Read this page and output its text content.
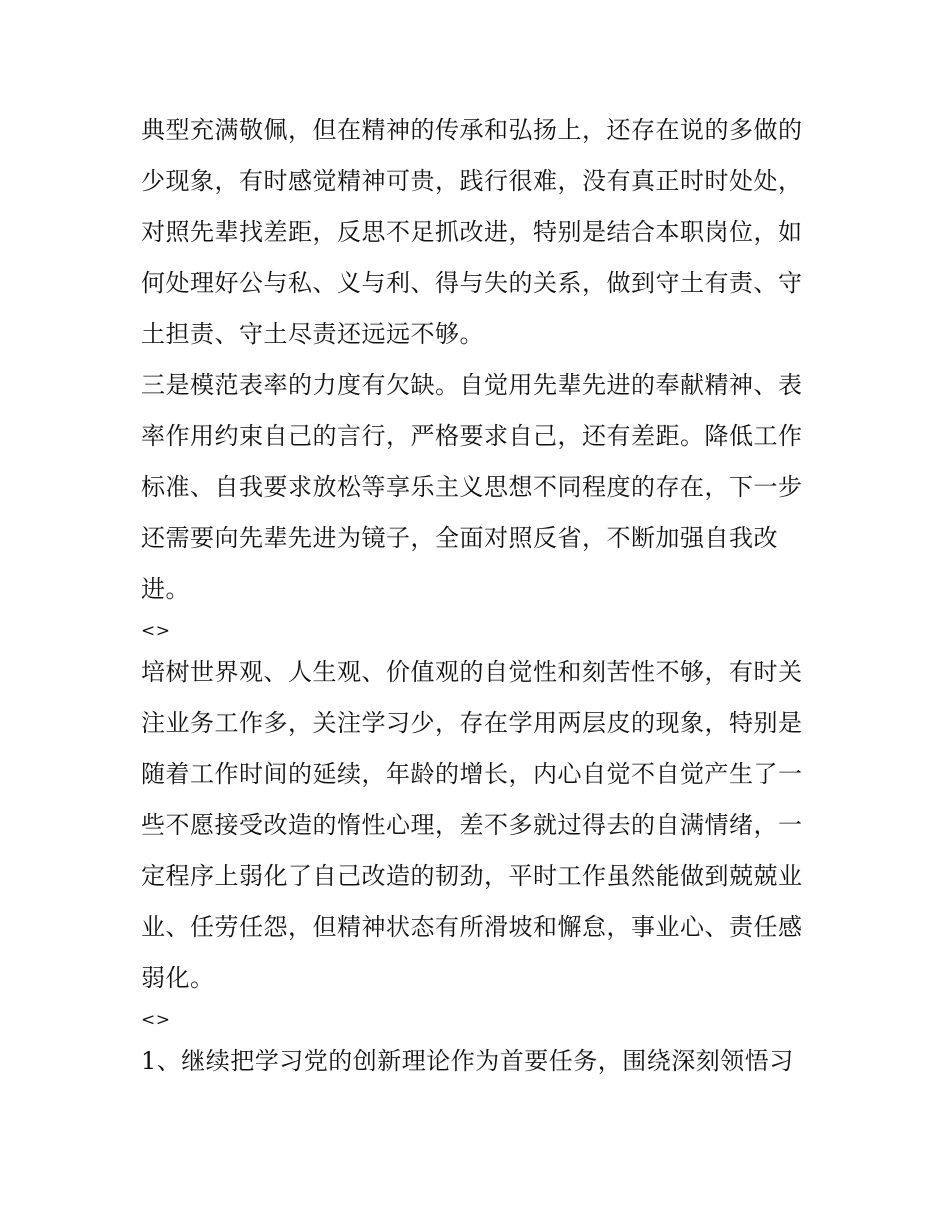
典型充满敬佩，但在精神的传承和弘扬上，还存在说的多做的
少现象，有时感觉精神可贵，践行很难，没有真正时时处处，
对照先辈找差距，反思不足抓改进，特别是结合本职岗位，如
何处理好公与私、义与利、得与失的关系，做到守土有责、守
土担责、守土尽责还远远不够。
三是模范表率的力度有欠缺。自觉用先辈先进的奉献精神、表
率作用约束自己的言行，严格要求自己，还有差距。降低工作
标准、自我要求放松等享乐主义思想不同程度的存在，下一步
还需要向先辈先进为镜子，全面对照反省，不断加强自我改
进。
<>
培树世界观、人生观、价值观的自觉性和刻苦性不够，有时关
注业务工作多，关注学习少，存在学用两层皮的现象，特别是
随着工作时间的延续，年龄的增长，内心自觉不自觉产生了一
些不愿接受改造的惰性心理，差不多就过得去的自满情绪，一
定程序上弱化了自己改造的韧劲，平时工作虽然能做到兢兢业
业、任劳任怨，但精神状态有所滑坡和懈怠，事业心、责任感
弱化。
<>
1、继续把学习党的创新理论作为首要任务，围绕深刻领悟习
